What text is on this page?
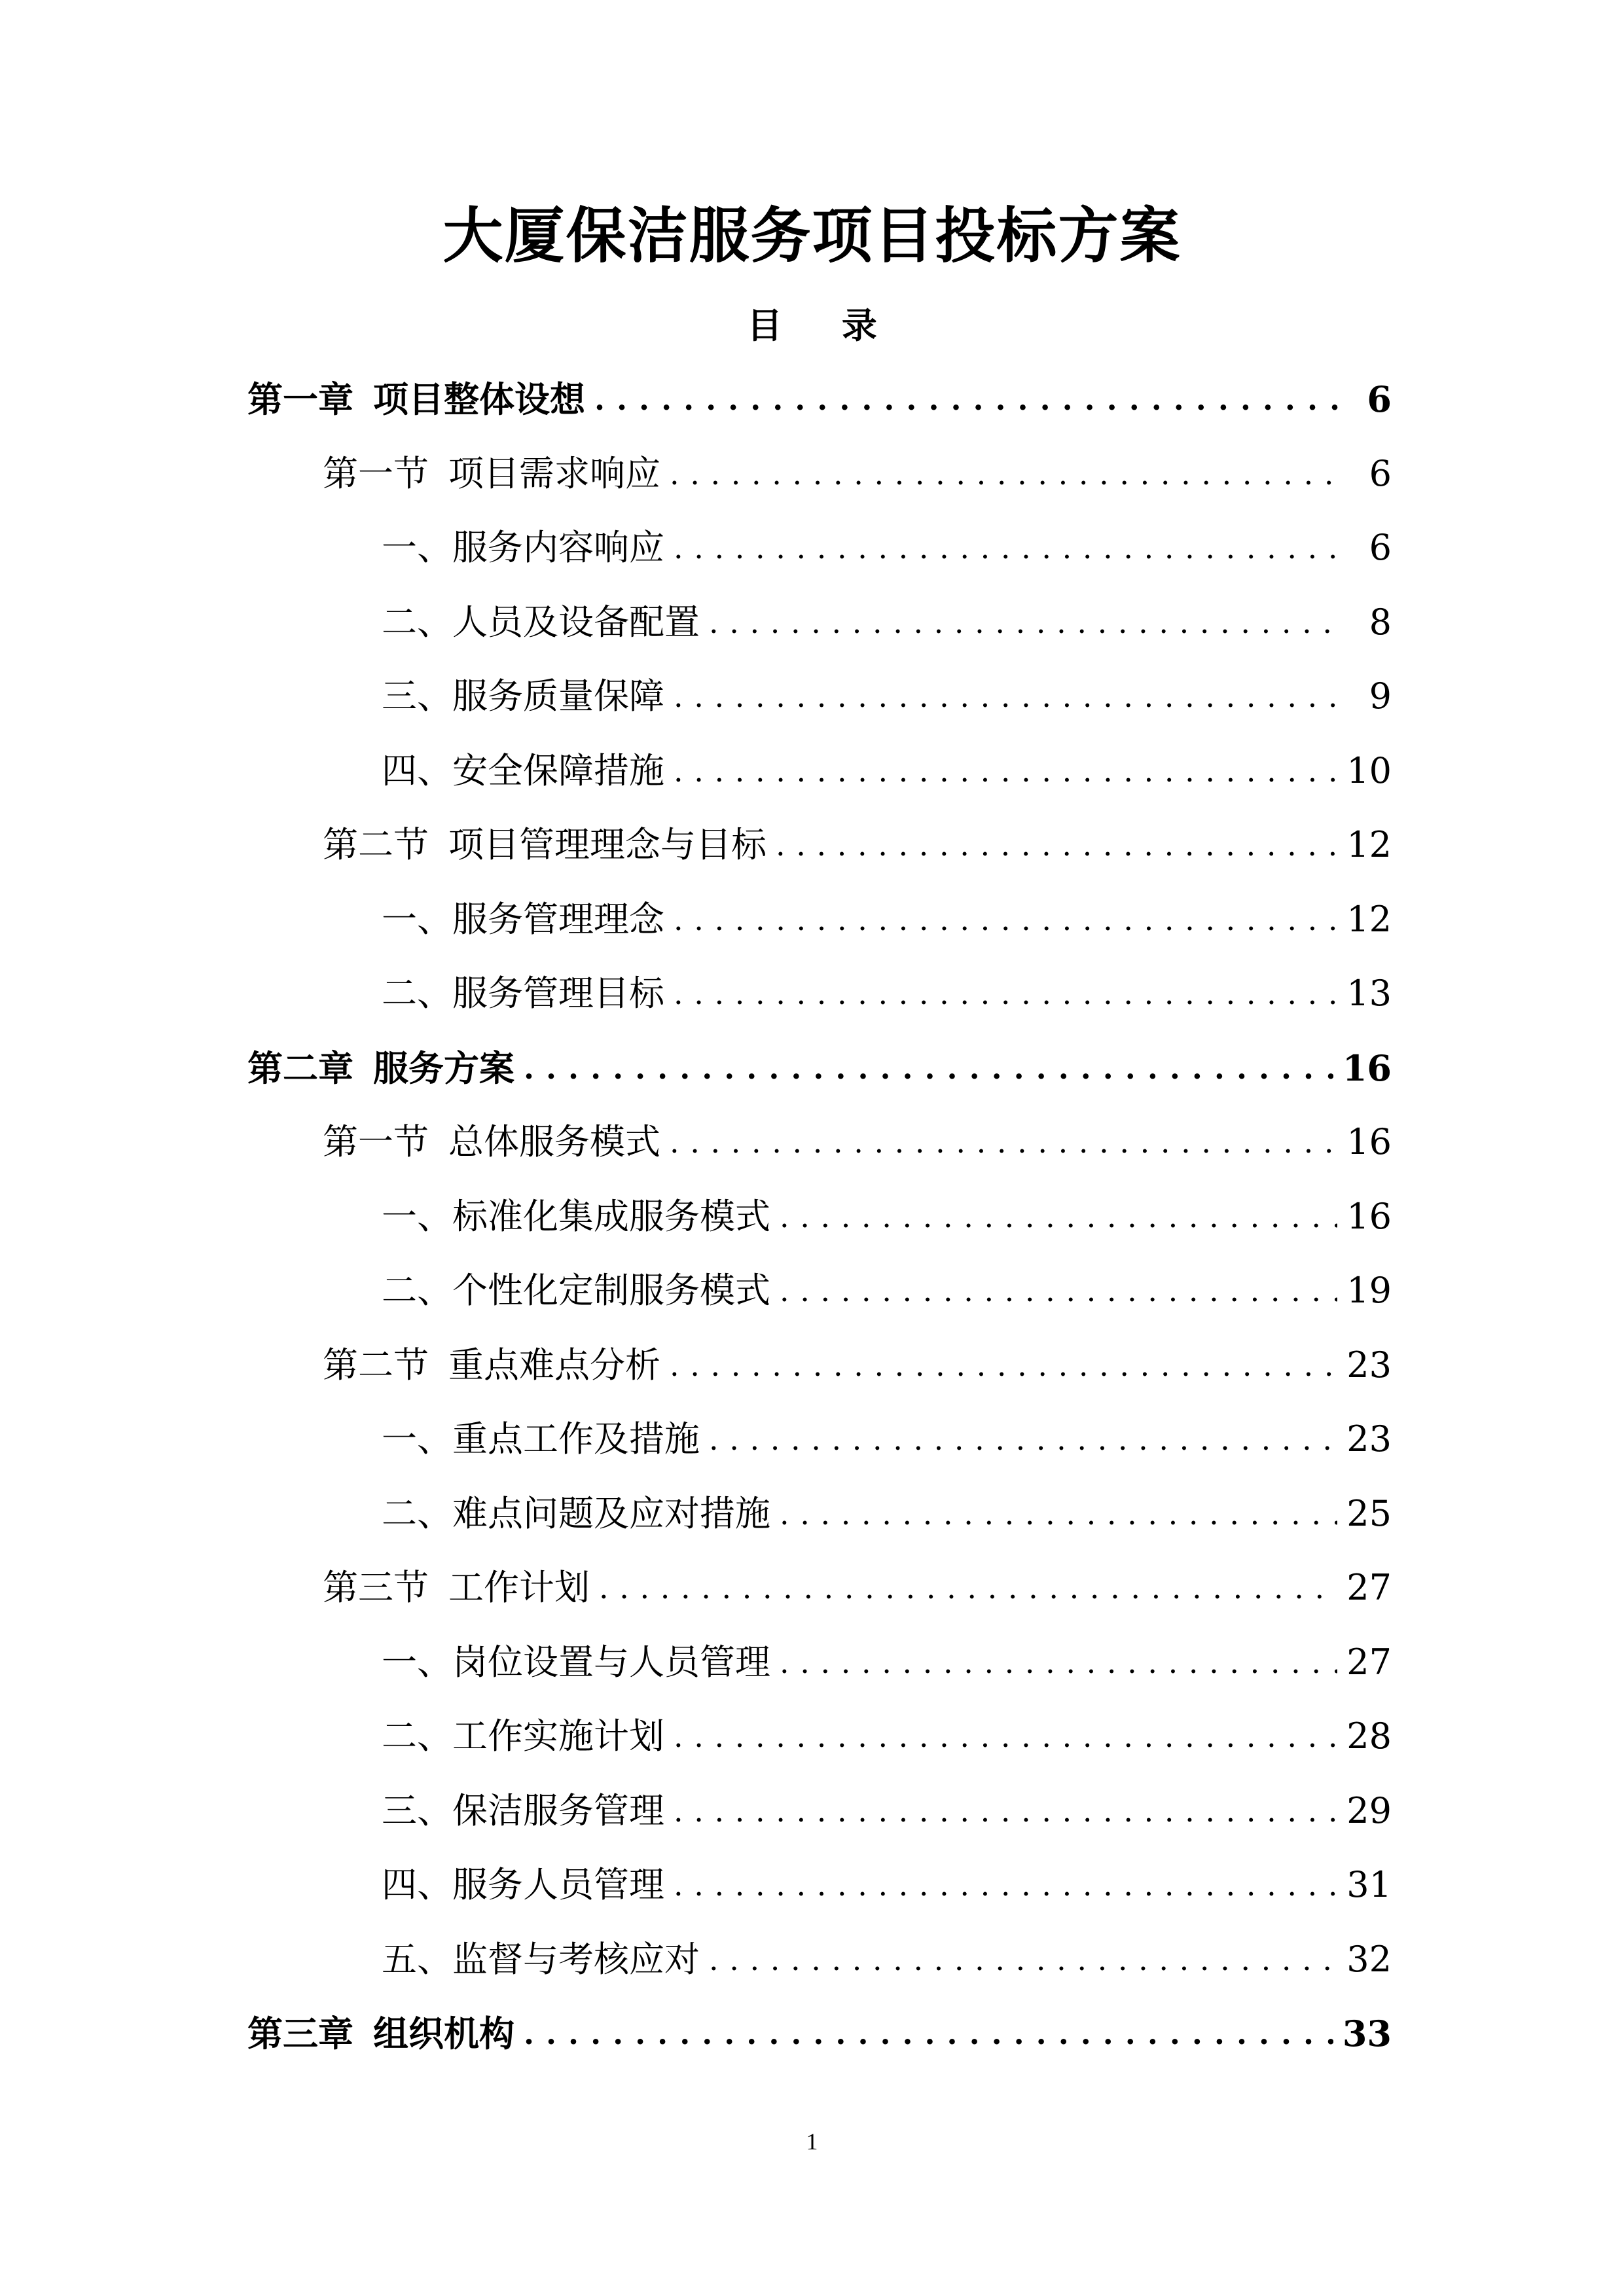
大厦保洁服务项目投标方案
目 录
第一章 项目整体设想 . . .	6
第一节 项目需求响应 . . .	6
一、服务内容响应 . . .	6
二、人员及设备配置 . . .	8
三、服务质量保障 . . .	9
四、安全保障措施 . . .	10
第二节 项目管理理念与目标 . . .	12
一、服务管理理念 . . .	12
二、服务管理目标 . . .	13
第二章 服务方案 . . .	16
第一节 总体服务模式 . . .	16
一、标准化集成服务模式 . . .	16
二、个性化定制服务模式 . . .	19
第二节 重点难点分析 . . .	23
一、重点工作及措施 . . .	23
二、难点问题及应对措施 . . .	25
第三节 工作计划 . . .	27
一、岗位设置与人员管理 . . .	27
二、工作实施计划 . . .	28
三、保洁服务管理 . . .	29
四、服务人员管理 . . .	31
五、监督与考核应对 . . .	32
第三章 组织机构 . . .	33
1
